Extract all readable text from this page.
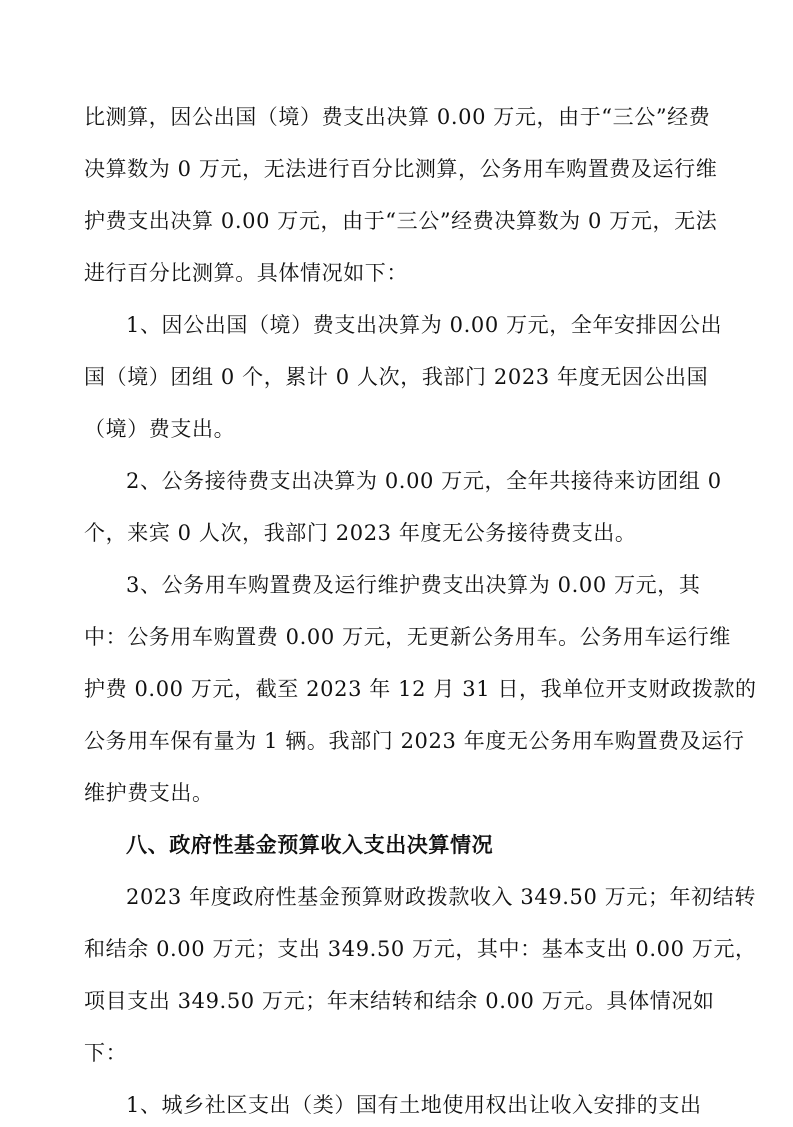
比测算，因公出国（境）费支出决算 0.00 万元，由于“三公”经费
决算数为 0 万元，无法进行百分比测算，公务用车购置费及运行维
护费支出决算 0.00 万元，由于“三公”经费决算数为 0 万元，无法
进行百分比测算。具体情况如下：
1、因公出国（境）费支出决算为 0.00 万元，全年安排因公出
国（境）团组 0 个，累计 0 人次，我部门 2023 年度无因公出国
（境）费支出。
2、公务接待费支出决算为 0.00 万元，全年共接待来访团组 0
个，来宾 0 人次，我部门 2023 年度无公务接待费支出。
3、公务用车购置费及运行维护费支出决算为 0.00 万元，其
中：公务用车购置费 0.00 万元，无更新公务用车。公务用车运行维
护费 0.00 万元，截至 2023 年 12 月 31 日，我单位开支财政拨款的
公务用车保有量为 1 辆。我部门 2023 年度无公务用车购置费及运行
维护费支出。
八、政府性基金预算收入支出决算情况
2023 年度政府性基金预算财政拨款收入 349.50 万元；年初结转
和结余 0.00 万元；支出 349.50 万元，其中：基本支出 0.00 万元，
项目支出 349.50 万元；年末结转和结余 0.00 万元。具体情况如
下：
1、城乡社区支出（类）国有土地使用权出让收入安排的支出
